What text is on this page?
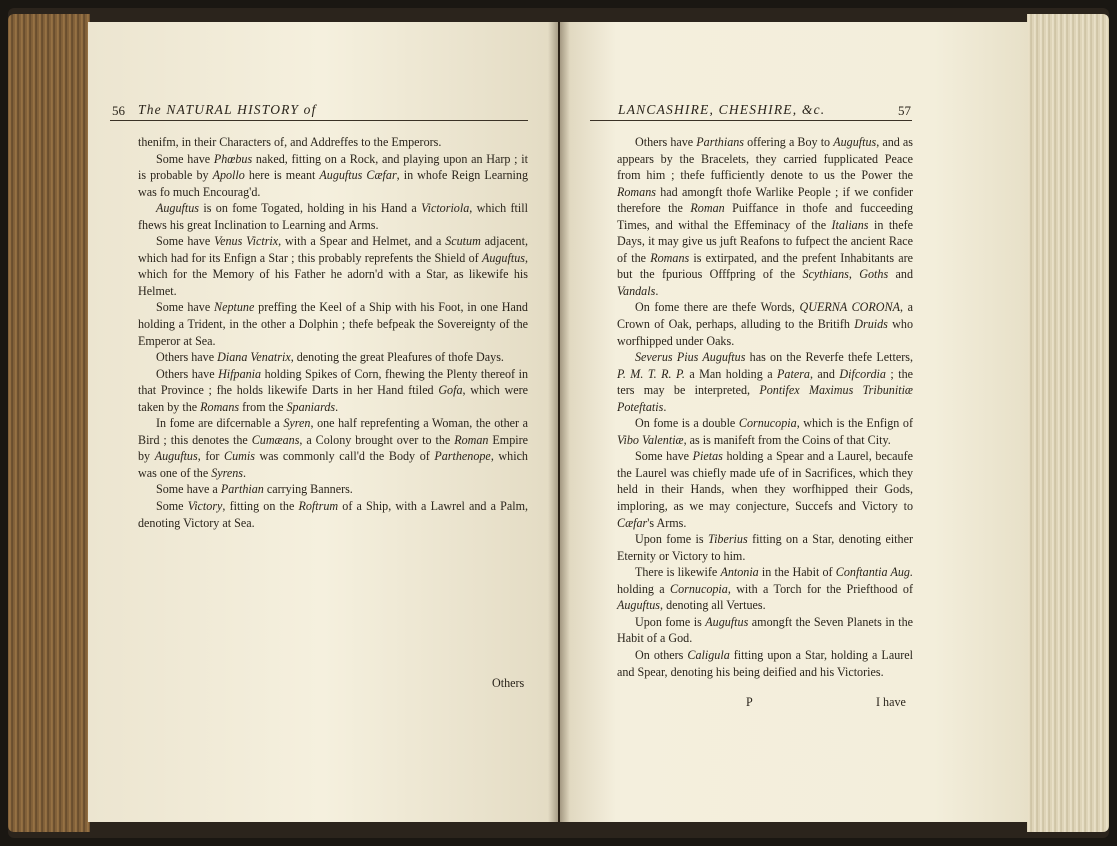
56 The NATURAL HISTORY of

thenifm, in their Characters of, and Addreffes to the Emperors.

Some have Phœbus naked, fitting on a Rock, and playing upon an Harp ; it is probable by Apollo here is meant Auguftus Cæfar, in whofe Reign Learning was fo much Encourag'd.

Auguftus is on fome Togated, holding in his Hand a Victoriola, which ftill fhews his great Inclination to Learning and Arms.

Some have Venus Victrix, with a Spear and Helmet, and a Scutum adjacent, which had for its Enfign a Star ; this probably reprefents the Shield of Auguftus, which for the Memory of his Father he adorn'd with a Star, as likewife his Helmet.

Some have Neptune preffing the Keel of a Ship with his Foot, in one Hand holding a Trident, in the other a Dolphin ; thefe befpeak the Sovereignty of the Emperor at Sea.

Others have Diana Venatrix, denoting the great Pleafures of thofe Days.

Others have Hifpania holding Spikes of Corn, fhewing the Plenty thereof in that Province ; fhe holds likewife Darts in her Hand ftiled Gofa, which were taken by the Romans from the Spaniards.

In fome are difcernable a Syren, one half reprefenting a Woman, the other a Bird ; this denotes the Cumæans, a Colony brought over to the Roman Empire by Auguftus, for Cumis was commonly call'd the Body of Parthenope, which was one of the Syrens.

Some have a Parthian carrying Banners.

Some Victory, fitting on the Roftrum of a Ship, with a Lawrel and a Palm, denoting Victory at Sea.

Others
LANCASHIRE, CHESHIRE, &c.	57

Others have Parthians offering a Boy to Auguftus, and as appears by the Bracelets, they carried fupplicated Peace from him ; thefe fufficiently denote to us the Power the Romans had amongft thofe Warlike People ; if we confider therefore the Roman Puiffance in thofe and fucceeding Times, and withal the Effeminacy of the Italians in thefe Days, it may give us juft Reafons to fufpect the ancient Race of the Romans is extirpated, and the prefent Inhabitants are but the fpurious Offfpring of the Scythians, Goths and Vandals.

On fome there are thefe Words, QUERNA CORONA, a Crown of Oak, perhaps, alluding to the Britifh Druids who worfhipped under Oaks.

Severus Pius Auguftus has on the Reverfe thefe Letters, P. M. T. R. P. a Man holding a Patera, and Difcordia ; the ters may be interpreted, Pontifex Maximus Tribunitiæ Poteftatis.

On fome is a double Cornucopia, which is the Enfign of Vibo Valentiæ, as is manifeft from the Coins of that City.

Some have Pietas holding a Spear and a Laurel, becaufe the Laurel was chiefly made ufe of in Sacrifices, which they held in their Hands, when they worfhipped their Gods, imploring, as we may conjecture, Succefs and Victory to Cæfar's Arms.

Upon fome is Tiberius fitting on a Star, denoting either Eternity or Victory to him.

There is likewife Antonia in the Habit of Conftantia Aug. holding a Cornucopia, with a Torch for the Priefthood of Auguftus, denoting all Vertues.

Upon fome is Auguftus amongft the Seven Planets in the Habit of a God.

On others Caligula fitting upon a Star, holding a Laurel and Spear, denoting his being deified and his Victories.

P	I have
